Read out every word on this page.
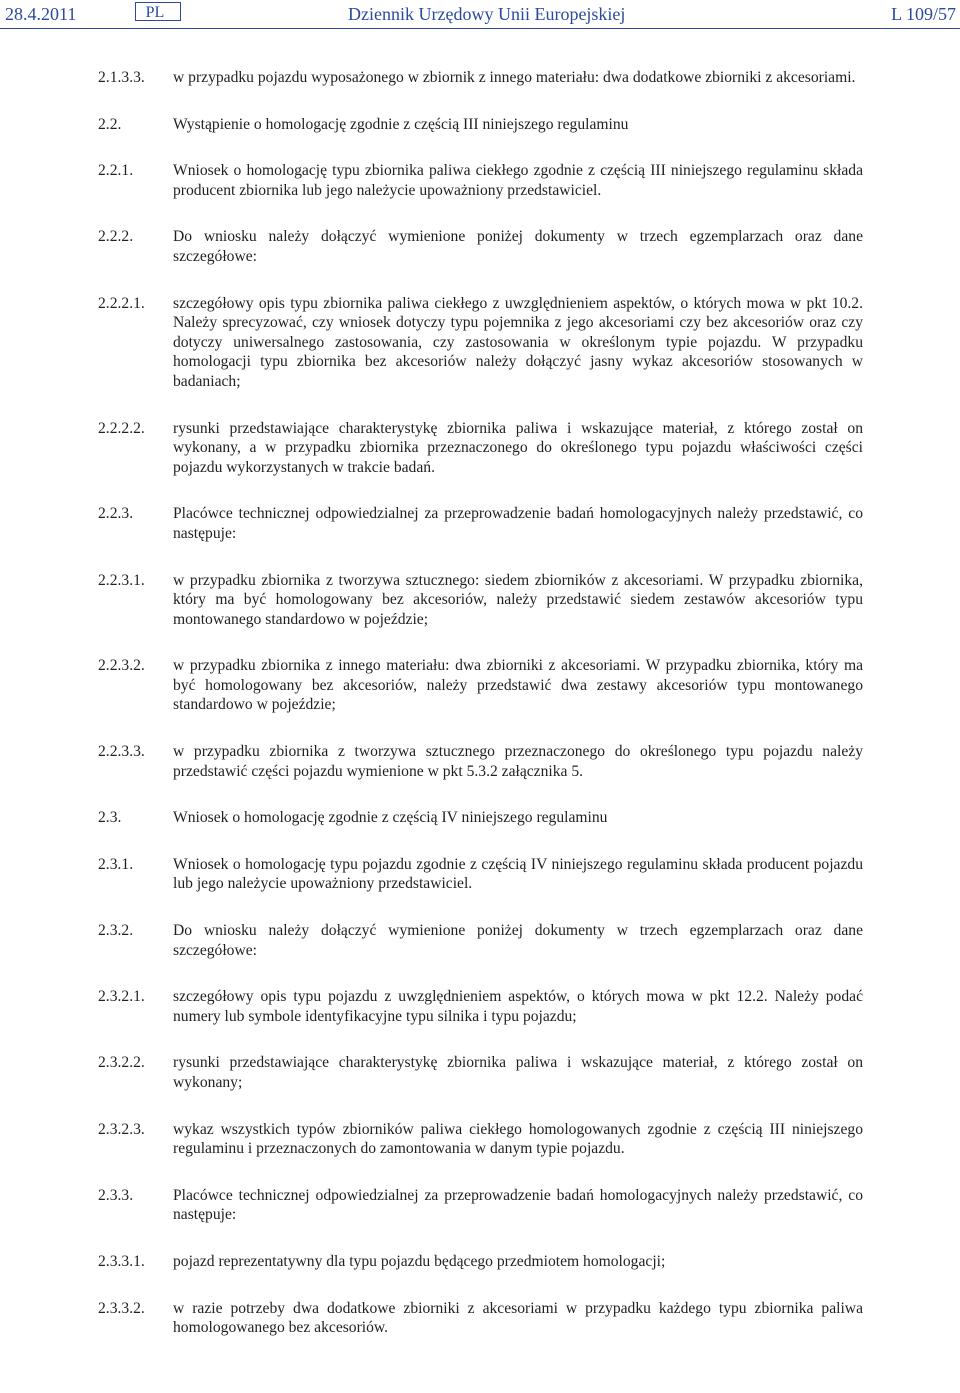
28.4.2011	PL	Dziennik Urzędowy Unii Europejskiej	L 109/57
2.1.3.3.	w przypadku pojazdu wyposażonego w zbiornik z innego materiału: dwa dodatkowe zbiorniki z akcesoriami.
2.2.	Wystąpienie o homologację zgodnie z częścią III niniejszego regulaminu
2.2.1.	Wniosek o homologację typu zbiornika paliwa ciekłego zgodnie z częścią III niniejszego regulaminu składa producent zbiornika lub jego należycie upoważniony przedstawiciel.
2.2.2.	Do wniosku należy dołączyć wymienione poniżej dokumenty w trzech egzemplarzach oraz dane szczegółowe:
2.2.2.1.	szczegółowy opis typu zbiornika paliwa ciekłego z uwzględnieniem aspektów, o których mowa w pkt 10.2. Należy sprecyzować, czy wniosek dotyczy typu pojemnika z jego akcesoriami czy bez akcesoriów oraz czy dotyczy uniwersalnego zastosowania, czy zastosowania w określonym typie pojazdu. W przypadku homologacji typu zbiornika bez akcesoriów należy dołączyć jasny wykaz akcesoriów stosowanych w badaniach;
2.2.2.2.	rysunki przedstawiające charakterystykę zbiornika paliwa i wskazujące materiał, z którego został on wykonany, a w przypadku zbiornika przeznaczonego do określonego typu pojazdu właściwości części pojazdu wykorzystanych w trakcie badań.
2.2.3.	Placówce technicznej odpowiedzialnej za przeprowadzenie badań homologacyjnych należy przedstawić, co następuje:
2.2.3.1.	w przypadku zbiornika z tworzywa sztucznego: siedem zbiorników z akcesoriami. W przypadku zbiornika, który ma być homologowany bez akcesoriów, należy przedstawić siedem zestawów akcesoriów typu montowanego standardowo w pojeździe;
2.2.3.2.	w przypadku zbiornika z innego materiału: dwa zbiorniki z akcesoriami. W przypadku zbiornika, który ma być homologowany bez akcesoriów, należy przedstawić dwa zestawy akcesoriów typu montowanego standardowo w pojeździe;
2.2.3.3.	w przypadku zbiornika z tworzywa sztucznego przeznaczonego do określonego typu pojazdu należy przedstawić części pojazdu wymienione w pkt 5.3.2 załącznika 5.
2.3.	Wniosek o homologację zgodnie z częścią IV niniejszego regulaminu
2.3.1.	Wniosek o homologację typu pojazdu zgodnie z częścią IV niniejszego regulaminu składa producent pojazdu lub jego należycie upoważniony przedstawiciel.
2.3.2.	Do wniosku należy dołączyć wymienione poniżej dokumenty w trzech egzemplarzach oraz dane szczegółowe:
2.3.2.1.	szczegółowy opis typu pojazdu z uwzględnieniem aspektów, o których mowa w pkt 12.2. Należy podać numery lub symbole identyfikacyjne typu silnika i typu pojazdu;
2.3.2.2.	rysunki przedstawiające charakterystykę zbiornika paliwa i wskazujące materiał, z którego został on wykonany;
2.3.2.3.	wykaz wszystkich typów zbiorników paliwa ciekłego homologowanych zgodnie z częścią III niniejszego regulaminu i przeznaczonych do zamontowania w danym typie pojazdu.
2.3.3.	Placówce technicznej odpowiedzialnej za przeprowadzenie badań homologacyjnych należy przedstawić, co następuje:
2.3.3.1.	pojazd reprezentatywny dla typu pojazdu będącego przedmiotem homologacji;
2.3.3.2.	w razie potrzeby dwa dodatkowe zbiorniki z akcesoriami w przypadku każdego typu zbiornika paliwa homologowanego bez akcesoriów.
